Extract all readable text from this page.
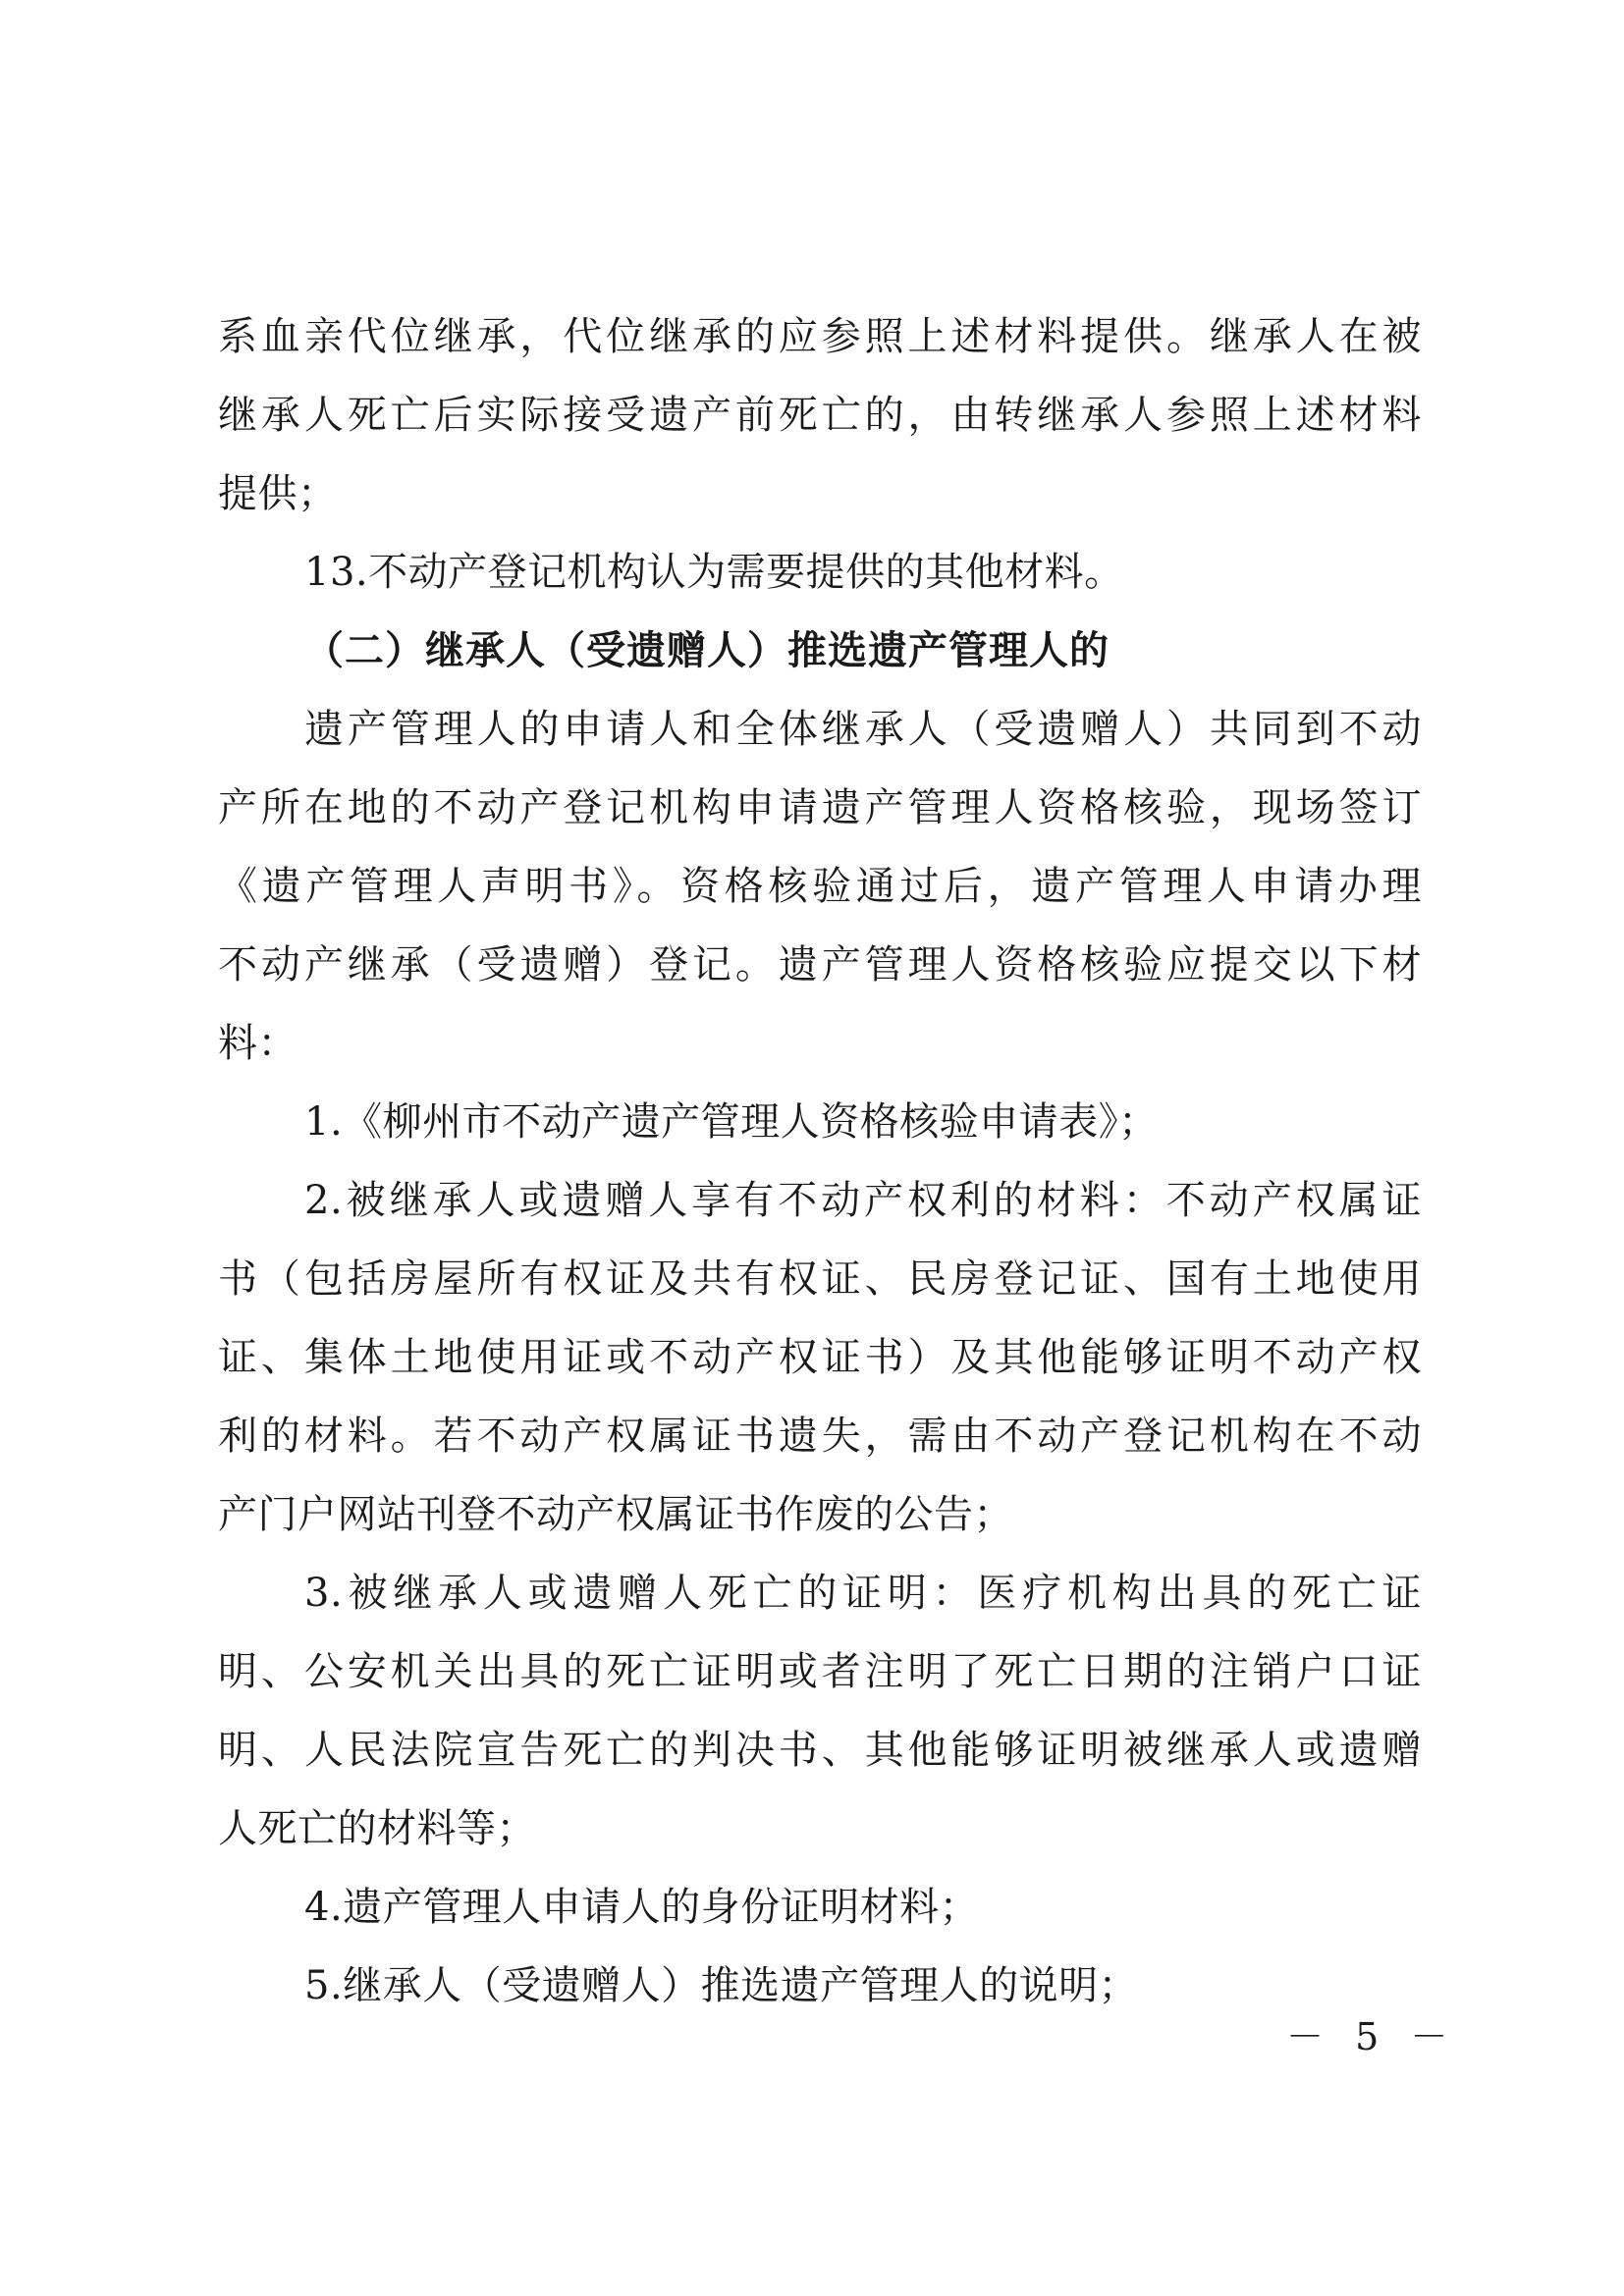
系血亲代位继承，代位继承的应参照上述材料提供。继承人在被
继承人死亡后实际接受遗产前死亡的，由转继承人参照上述材料
提供；
13.不动产登记机构认为需要提供的其他材料。
（二）继承人（受遗赠人）推选遗产管理人的
遗产管理人的申请人和全体继承人（受遗赠人）共同到不动
产所在地的不动产登记机构申请遗产管理人资格核验，现场签订
《遗产管理人声明书》。资格核验通过后，遗产管理人申请办理
不动产继承（受遗赠）登记。遗产管理人资格核验应提交以下材
料：
1.《柳州市不动产遗产管理人资格核验申请表》；
2.被继承人或遗赠人享有不动产权利的材料：不动产权属证
书（包括房屋所有权证及共有权证、民房登记证、国有土地使用
证、集体土地使用证或不动产权证书）及其他能够证明不动产权
利的材料。若不动产权属证书遗失，需由不动产登记机构在不动
产门户网站刊登不动产权属证书作废的公告；
3.被继承人或遗赠人死亡的证明：医疗机构出具的死亡证
明、公安机关出具的死亡证明或者注明了死亡日期的注销户口证
明、人民法院宣告死亡的判决书、其他能够证明被继承人或遗赠
人死亡的材料等；
4.遗产管理人申请人的身份证明材料；
5.继承人（受遗赠人）推选遗产管理人的说明；
－ 5 －
